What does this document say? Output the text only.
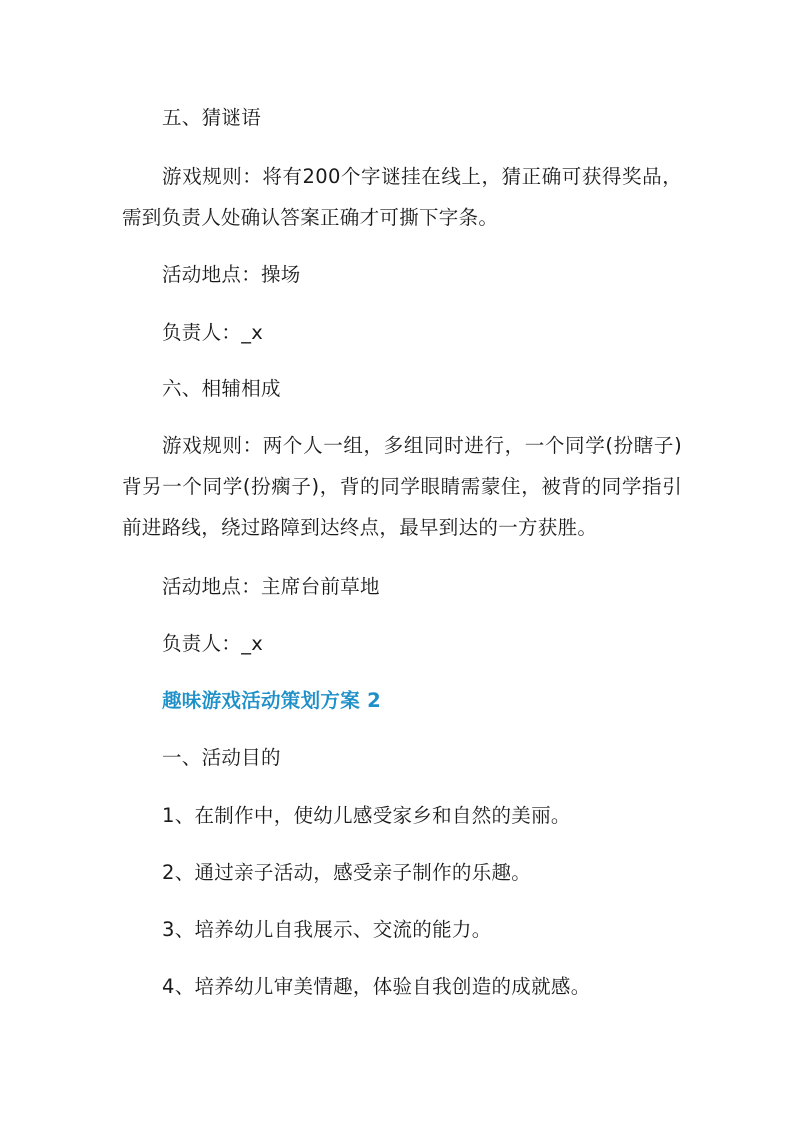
五、猜谜语

游戏规则：将有200个字谜挂在线上，猜正确可获得奖品，需到负责人处确认答案正确才可撕下字条。

活动地点：操场

负责人：_x

六、相辅相成

游戏规则：两个人一组，多组同时进行，一个同学(扮瞎子)背另一个同学(扮瘸子)，背的同学眼睛需蒙住，被背的同学指引前进路线，绕过路障到达终点，最早到达的一方获胜。

活动地点：主席台前草地

负责人：_x

趣味游戏活动策划方案 2

一、活动目的

1、在制作中，使幼儿感受家乡和自然的美丽。

2、通过亲子活动，感受亲子制作的乐趣。

3、培养幼儿自我展示、交流的能力。

4、培养幼儿审美情趣，体验自我创造的成就感。
